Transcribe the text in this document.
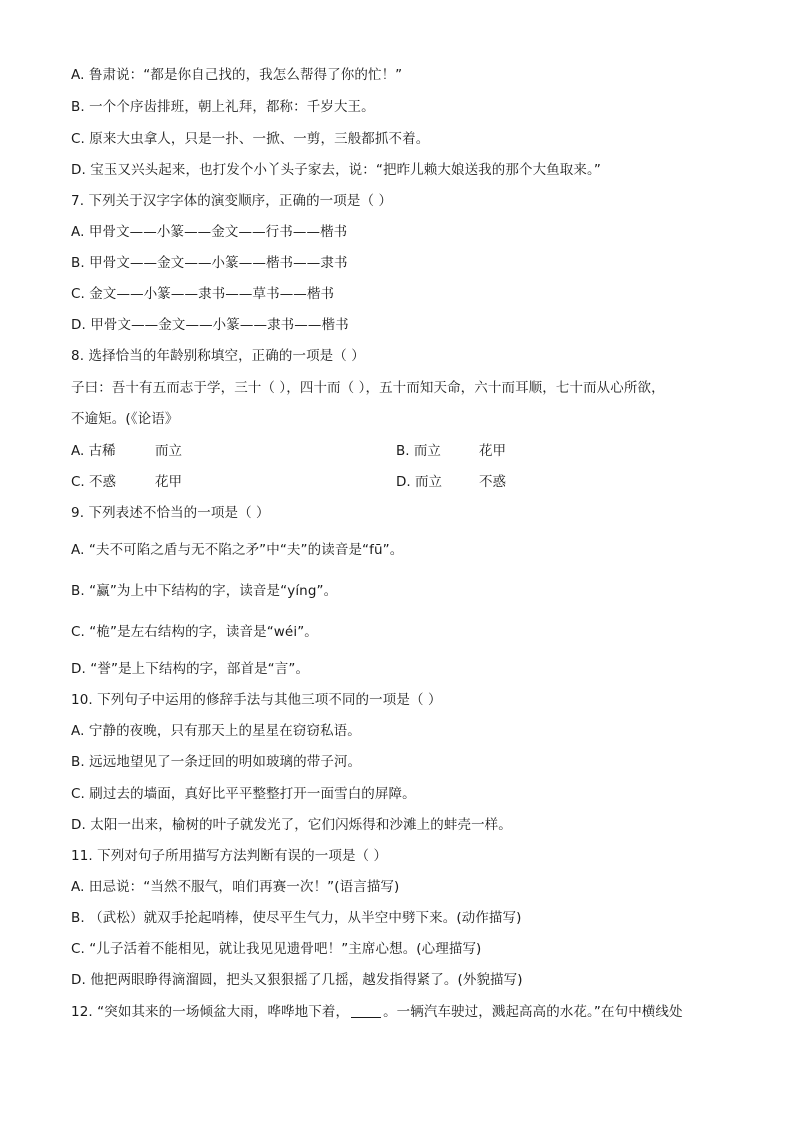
A. 鲁肃说：“都是你自己找的，我怎么帮得了你的忙！”
B. 一个个序齿排班，朝上礼拜，都称：千岁大王。
C. 原来大虫拿人，只是一扑、一掀、一剪，三般都抓不着。
D. 宝玉又兴头起来，也打发个小丫头子家去，说：“把昨儿赖大娘送我的那个大鱼取来。”
7. 下列关于汉字字体的演变顺序，正确的一项是（ ）
A. 甲骨文——小篆——金文——行书——楷书
B. 甲骨文——金文——小篆——楷书——隶书
C. 金文——小篆——隶书——草书——楷书
D. 甲骨文——金文——小篆——隶书——楷书
8. 选择恰当的年龄别称填空，正确的一项是（ ）
子曰：吾十有五而志于学，三十（ ），四十而（ ），五十而知天命，六十而耳顺，七十而从心所欲，
不逾矩。(《论语》
A. 古稀	而立	B. 而立	花甲
C. 不惑	花甲	D. 而立	不惑
9. 下列表述不恰当的一项是（ ）
A. “夫不可陷之盾与无不陷之矛”中“夫”的读音是“fū”。
B. “赢”为上中下结构的字，读音是“yíng”。
C. “桅”是左右结构的字，读音是“wéi”。
D. “誉”是上下结构的字，部首是“言”。
10. 下列句子中运用的修辞手法与其他三项不同的一项是（ ）
A. 宁静的夜晚，只有那天上的星星在窃窃私语。
B. 远远地望见了一条迂回的明如玻璃的带子河。
C. 刷过去的墙面，真好比平平整整打开一面雪白的屏障。
D. 太阳一出来，榆树的叶子就发光了，它们闪烁得和沙滩上的蚌壳一样。
11. 下列对句子所用描写方法判断有误的一项是（ ）
A. 田忌说：“当然不服气，咱们再赛一次！”(语言描写)
B. （武松）就双手抡起哨棒，使尽平生气力，从半空中劈下来。(动作描写)
C. “儿子活着不能相见，就让我见见遗骨吧！”主席心想。(心理描写)
D. 他把两眼睁得滴溜圆，把头又狠狠摇了几摇，越发指得紧了。(外貌描写)
12. “突如其来的一场倾盆大雨，哗哗地下着，	。一辆汽车驶过，溅起高高的水花。”在句中横线处
